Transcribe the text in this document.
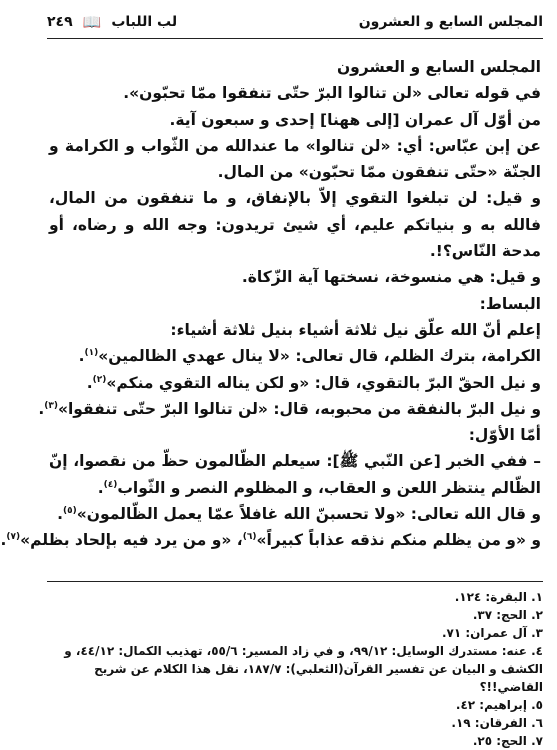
المجلس السابع و العشرون
لب اللباب
📖
٢٤٩
المجلس السابع و العشرون
في قوله تعالى «لن تنالوا البرّ حتّى تنفقوا ممّا تحبّون».
من أوّل آل عمران [إلى ههنا] إحدى و سبعون آية.
عن إبن عبّاس: أي: «لن تنالوا» ما عندالله من الثّواب و الكرامة و الجنّة «حتّى تنفقون ممّا تحبّون» من المال.
و قيل: لن تبلغوا التقوي إلاّ بالإنفاق، و ما تنفقون من المال، فالله به و بنياتكم عليم، أي شيئ تريدون: وجه الله و رضاه، أو مدحة النّاس؟!.
و قيل: هي منسوخة، نسختها آية الزّكاة.
البساط:
إعلم أنّ الله علّق نيل ثلاثة أشياء بنيل ثلاثة أشياء:
الكرامة، بترك الظلم، قال تعالى: «لا ينال عهدي الظالمين»$^{(١)}$.
و نيل الحقّ البرّ بالتقوي، قال: «و لكن يناله التقوي منكم»$^{(٢)}$.
و نيل البرّ بالنفقة من محبوبه، قال: «لن تنالوا البرّ حتّى تنفقوا»$^{(٣)}$.
أمّا الأوّل:
– ففي الخبر [عن النّبي ﷺ]: سيعلم الظّالمون حظّ من نقصوا، إنّ الظّالم ينتظر اللعن و العقاب، و المظلوم النصر و الثّواب$^{(٤)}$.
و قال الله تعالى: «ولا تحسبنّ الله غافلاً عمّا يعمل الظّالمون»$^{(٥)}$.
و «و من يظلم منكم نذقه عذاباً كبيراً»$^{(٦)}$، «و من يرد فيه بإلحاد بظلم»$^{(٧)}$.
١. البقرة: ١٢٤.
٢. الحج: ٣٧.
٣. آل عمران: ٧١.
٤. عنه: مستدرك الوسايل: ٩٩/١٢، و في زاد المسير: ٥٥/٦، تهذيب الكمال: ٤٤/١٢، و الكشف و البيان عن تفسير القرآن(الثعلبي): ١٨٧/٧، نقل هذا الكلام عن شريح القاضي!!؟
٥. إبراهيم: ٤٢.
٦. الفرقان: ١٩.
٧. الحج: ٢٥.
